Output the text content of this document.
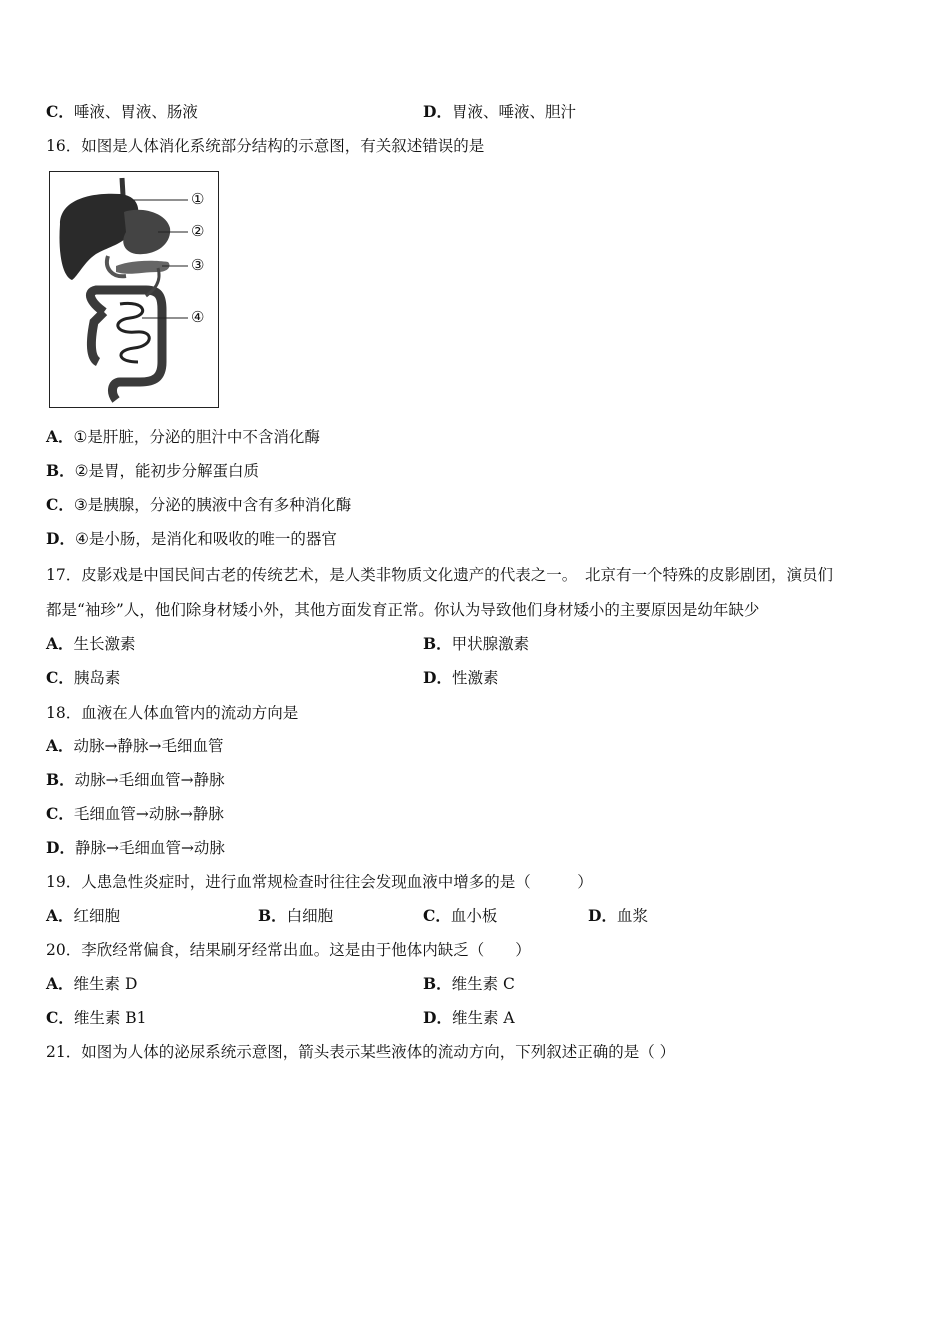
C．唾液、胃液、肠液	D．胃液、唾液、胆汁
16．如图是人体消化系统部分结构的示意图，有关叙述错误的是
①
②
③
④
A．①是肝脏，分泌的胆汁中不含消化酶
B．②是胃，能初步分解蛋白质
C．③是胰腺，分泌的胰液中含有多种消化酶
D．④是小肠，是消化和吸收的唯一的器官
17．皮影戏是中国民间古老的传统艺术，是人类非物质文化遗产的代表之一。　北京有一个特殊的皮影剧团，演员们
都是“袖珍”人，他们除身材矮小外，其他方面发育正常。你认为导致他们身材矮小的主要原因是幼年缺少
A．生长激素	B．甲状腺激素
C．胰岛素	D．性激素
18．血液在人体血管内的流动方向是
A．动脉→静脉→毛细血管
B．动脉→毛细血管→静脉
C．毛细血管→动脉→静脉
D．静脉→毛细血管→动脉
19．人患急性炎症时，进行血常规检查时往往会发现血液中增多的是（　　　）
A．红细胞	B．白细胞	C．血小板	D．血浆
20．李欣经常偏食，结果刷牙经常出血。这是由于他体内缺乏（　　）
A．维生素 D	B．维生素 C
C．维生素 B1	D．维生素 A
21．如图为人体的泌尿系统示意图，箭头表示某些液体的流动方向，下列叙述正确的是（ ）
